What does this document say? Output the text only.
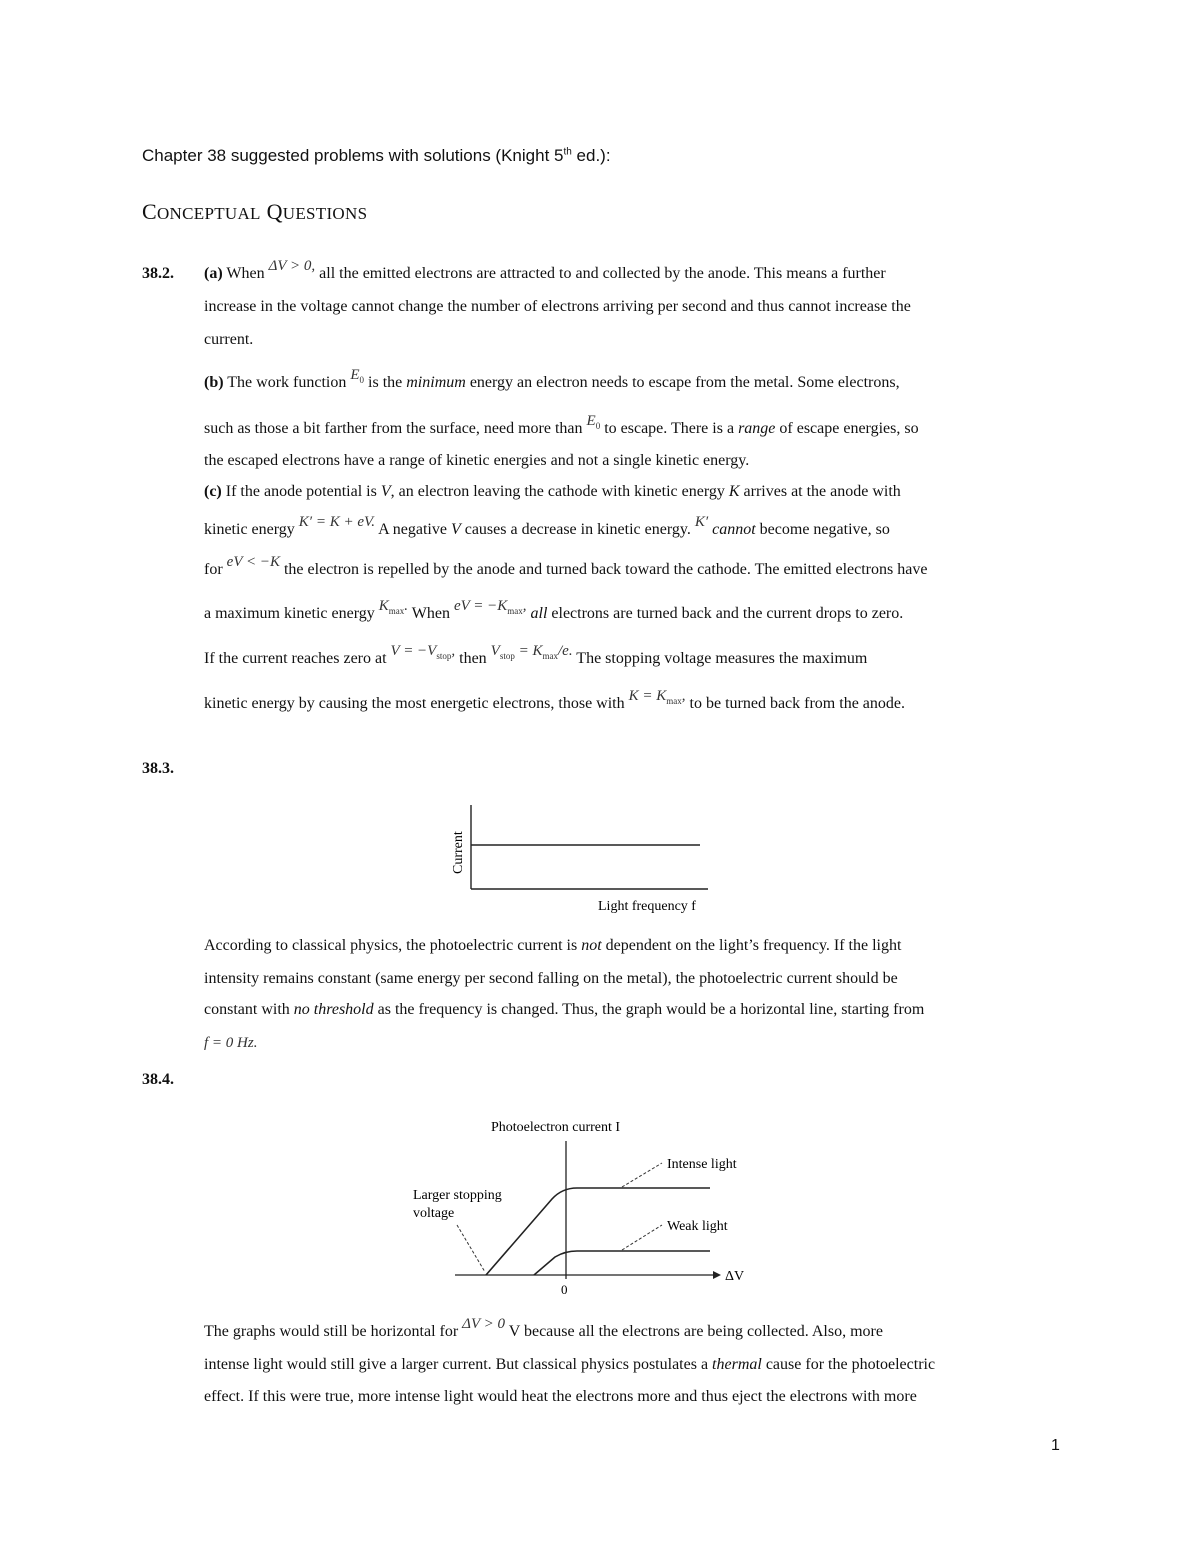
Chapter 38 suggested problems with solutions (Knight 5th ed.):
CONCEPTUAL QUESTIONS
38.2. (a) When ΔV > 0, all the emitted electrons are attracted to and collected by the anode. This means a further
increase in the voltage cannot change the number of electrons arriving per second and thus cannot increase the
current.
(b) The work function $E_0$ is the minimum energy an electron needs to escape from the metal. Some electrons,
such as those a bit farther from the surface, need more than $E_0$ to escape. There is a range of escape energies, so
the escaped electrons have a range of kinetic energies and not a single kinetic energy.
(c) If the anode potential is V, an electron leaving the cathode with kinetic energy K arrives at the anode with
kinetic energy K′ = K + eV. A negative V causes a decrease in kinetic energy. K′ cannot become negative, so
for eV < −K the electron is repelled by the anode and turned back toward the cathode. The emitted electrons have
a maximum kinetic energy $K_{max}$. When eV = $-K_{max}$, all electrons are turned back and the current drops to zero.
If the current reaches zero at $V = -V_{stop}$, then $V_{stop} = K_{max}/e$. The stopping voltage measures the maximum
kinetic energy by causing the most energetic electrons, those with $K = K_{max}$, to be turned back from the anode.
38.3.
Current
Light frequency f
According to classical physics, the photoelectric current is not dependent on the light’s frequency. If the light
intensity remains constant (same energy per second falling on the metal), the photoelectric current should be
constant with no threshold as the frequency is changed. Thus, the graph would be a horizontal line, starting from
f = 0 Hz.
38.4.
Photoelectron current I
Intense light
Weak light
Larger stopping
voltage
0
ΔV
The graphs would still be horizontal for ΔV > 0 V because all the electrons are being collected. Also, more
intense light would still give a larger current. But classical physics postulates a thermal cause for the photoelectric
effect. If this were true, more intense light would heat the electrons more and thus eject the electrons with more
1
